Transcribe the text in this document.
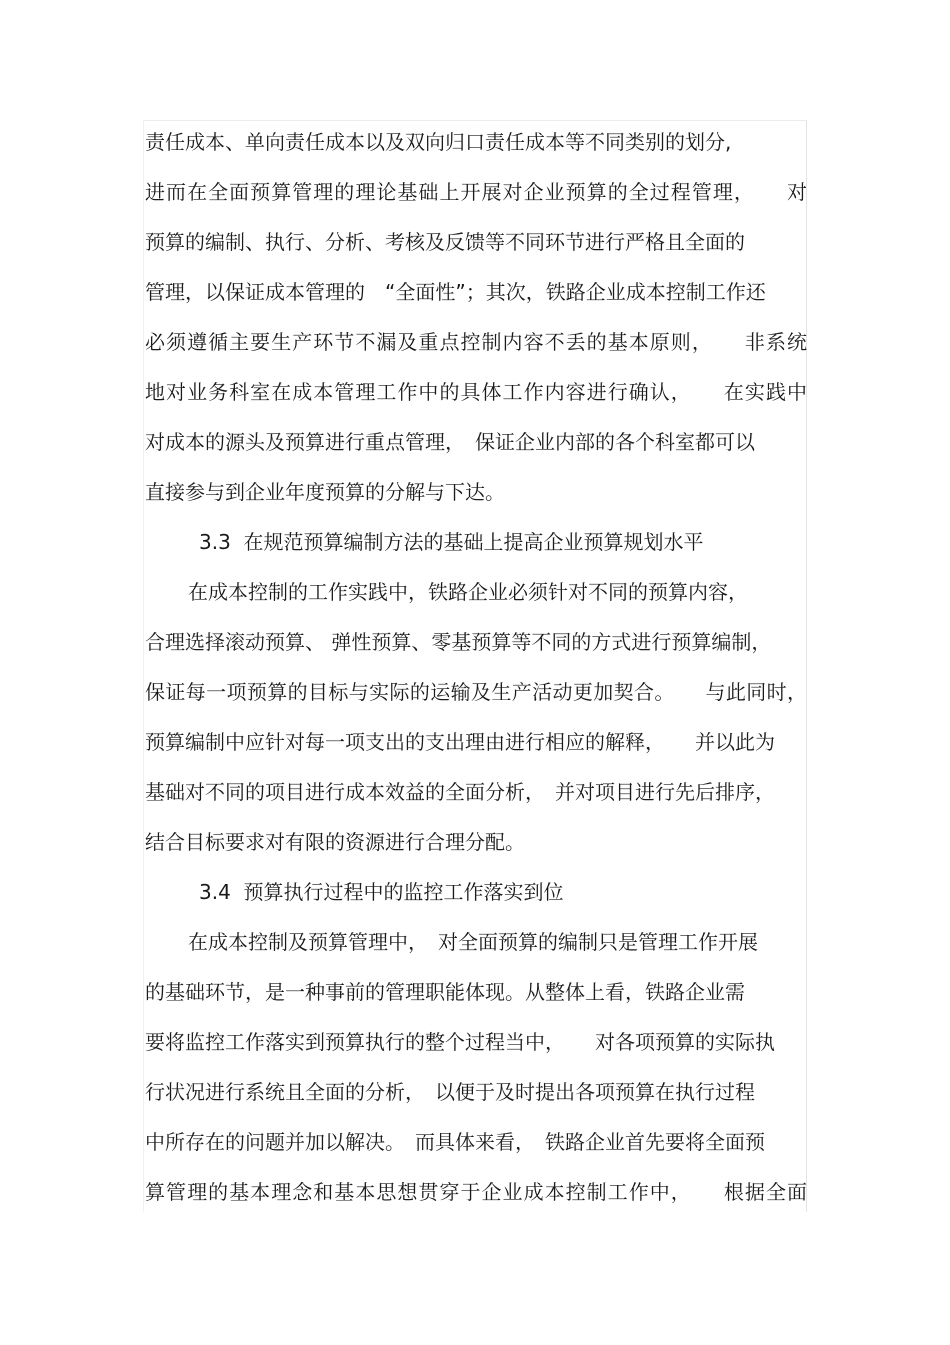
责任成本、单向责任成本以及双向归口责任成本等不同类别的划分,
进而在全面预算管理的理论基础上开展对企业预算的全过程管理，　　对
预算的编制、执行、分析、考核及反馈等不同环节进行严格且全面的
管理，以保证成本管理的　“全面性”；其次，铁路企业成本控制工作还
必须遵循主要生产环节不漏及重点控制内容不丢的基本原则，　　非系统
地对业务科室在成本管理工作中的具体工作内容进行确认，　　在实践中
对成本的源头及预算进行重点管理，　保证企业内部的各个科室都可以
直接参与到企业年度预算的分解与下达。
3.3  在规范预算编制方法的基础上提高企业预算规划水平
在成本控制的工作实践中，铁路企业必须针对不同的预算内容，
合理选择滚动预算、 弹性预算、零基预算等不同的方式进行预算编制，
保证每一项预算的目标与实际的运输及生产活动更加契合。　　与此同时，
预算编制中应针对每一项支出的支出理由进行相应的解释，　　并以此为
基础对不同的项目进行成本效益的全面分析，　并对项目进行先后排序，
结合目标要求对有限的资源进行合理分配。
3.4  预算执行过程中的监控工作落实到位
在成本控制及预算管理中，　对全面预算的编制只是管理工作开展
的基础环节，是一种事前的管理职能体现。从整体上看，铁路企业需
要将监控工作落实到预算执行的整个过程当中，　　对各项预算的实际执
行状况进行系统且全面的分析，　以便于及时提出各项预算在执行过程
中所存在的问题并加以解决。　而具体来看，　铁路企业首先要将全面预
算管理的基本理念和基本思想贯穿于企业成本控制工作中，　　根据全面
